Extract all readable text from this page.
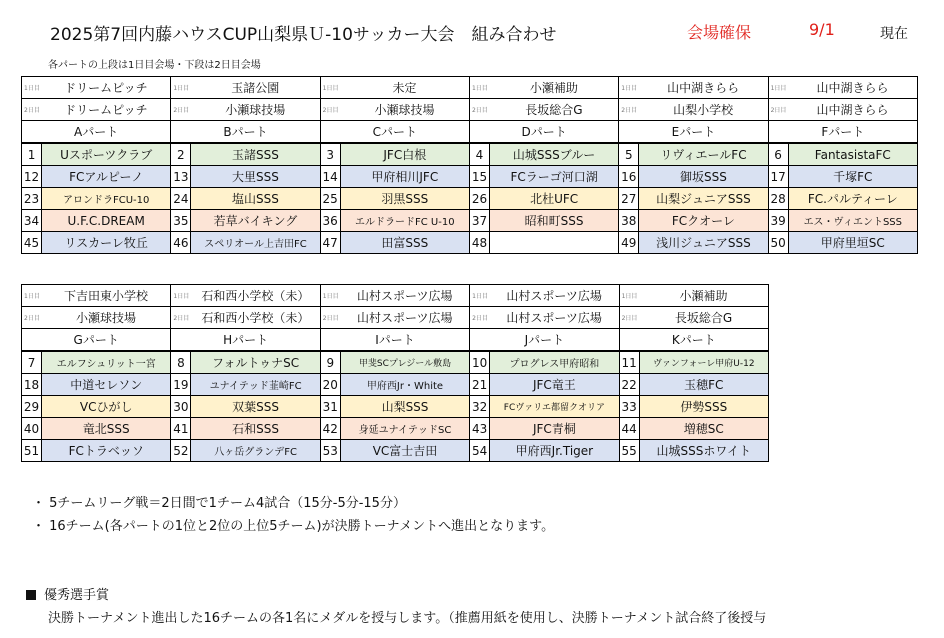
2025第7回内藤ハウスCUP山梨県Ｕ-10サッカー大会　組み合わせ	会場確保	9/1	現在
各パートの上段は1日目会場・下段は2日目会場
1日目	ドリームピッチ	1日目	玉諸公園	1日目	未定	1日目	小瀬補助	1日目	山中湖きらら	1日目	山中湖きらら
2日目	ドリームピッチ	2日目	小瀬球技場	2日目	小瀬球技場	2日目	長坂総合G	2日目	山梨小学校	2日目	山中湖きらら
Aパート		Bパート		Cパート		Dパート		Eパート		Fパート	
1	Uスポーツクラブ	2	玉諸SSS	3	JFC白根	4	山城SSSブルー	5	リヴィエールFC	6	FantasistaFC
12	FCアルピーノ	13	大里SSS	14	甲府相川JFC	15	FCラーゴ河口湖	16	御坂SSS	17	千塚FC
23	アロンドラFCU-10	24	塩山SSS	25	羽黒SSS	26	北杜UFC	27	山梨ジュニアSSS	28	FC.パルティーレ
34	U.F.C.DREAM	35	若草バイキング	36	エルドラードFC U-10	37	昭和町SSS	38	FCクオーレ	39	エス・ヴィエントSSS
45	リスカーレ牧丘	46	スペリオール上吉田FC	47	田富SSS	48		49	浅川ジュニアSSS	50	甲府里垣SC

1日目	下吉田東小学校	1日目	石和西小学校（未）	1日目	山村スポーツ広場	1日目	山村スポーツ広場	1日目	小瀬補助
2日目	小瀬球技場	2日目	石和西小学校（未）	2日目	山村スポーツ広場	2日目	山村スポーツ広場	2日目	長坂総合G
Gパート		Hパート		Iパート		Jパート		Kパート	
7	エルフシュリット一宮	8	フォルトゥナSC	9	甲斐SCプレジール敷島	10	プログレス甲府昭和	11	ヴァンフォーレ甲府U-12
18	中道セレソン	19	ユナイテッド韮崎FC	20	甲府西Jr・White	21	JFC竜王	22	玉穂FC
29	VCひがし	30	双葉SSS	31	山梨SSS	32	FCヴァリエ都留クオリア	33	伊勢SSS
40	竜北SSS	41	石和SSS	42	身延ユナイテッドSC	43	JFC青桐	44	増穂SC
51	FCトラベッソ	52	八ヶ岳グランデFC	53	VC富士吉田	54	甲府西Jr.Tiger	55	山城SSSホワイト

・ 5チームリーグ戦＝2日間で1チーム4試合（15分-5分-15分）
・ 16チーム(各パートの1位と2位の上位5チーム)が決勝トーナメントへ進出となります。
優秀選手賞
決勝トーナメント進出した16チームの各1名にメダルを授与します。（推薦用紙を使用し、決勝トーナメント試合終了後授与
